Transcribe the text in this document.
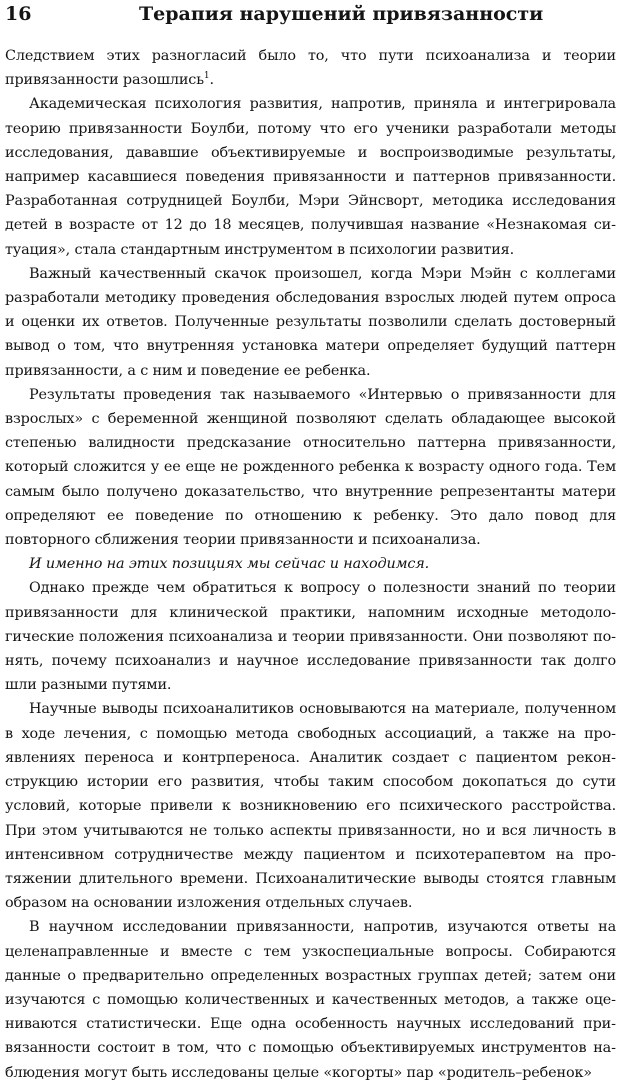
16	Терапия нарушений привязанности

Следствием этих разногласий было то, что пути психоанализа и теории привязанности разошлись$^1$.

Академическая психология развития, напротив, приняла и интегрировала теорию привязанности Боулби, потому что его ученики разработали методы исследования, дававшие объективируемые и воспроизводимые результаты, например касавшиеся поведения привязанности и паттернов привязанности. Разработанная сотрудницей Боулби, Мэри Эйнсворт, методика исследования детей в возрасте от 12 до 18 месяцев, получившая название «Незнакомая ситуация», стала стандартным инструментом в психологии развития.

Важный качественный скачок произошел, когда Мэри Мэйн с коллегами разработали методику проведения обследования взрослых людей путем опроса и оценки их ответов. Полученные результаты позволили сделать достоверный вывод о том, что внутренняя установка матери определяет будущий паттерн привязанности, а с ним и поведение ее ребенка.

Результаты проведения так называемого «Интервью о привязанности для взрослых» с беременной женщиной позволяют сделать обладающее высокой степенью валидности предсказание относительно паттерна привязанности, который сложится у ее еще не рожденного ребенка к возрасту одного года. Тем самым было получено доказательство, что внутренние репрезентанты матери определяют ее поведение по отношению к ребенку. Это дало повод для повторного сближения теории привязанности и психоанализа.

И именно на этих позициях мы сейчас и находимся.

Однако прежде чем обратиться к вопросу о полезности знаний по теории привязанности для клинической практики, напомним исходные методологические положения психоанализа и теории привязанности. Они позволяют понять, почему психоанализ и научное исследование привязанности так долго шли разными путями.

Научные выводы психоаналитиков основываются на материале, полученном в ходе лечения, с помощью метода свободных ассоциаций, а также на проявлениях переноса и контрпереноса. Аналитик создает с пациентом реконструкцию истории его развития, чтобы таким способом докопаться до сути условий, которые привели к возникновению его психического расстройства. При этом учитываются не только аспекты привязанности, но и вся личность в интенсивном сотрудничестве между пациентом и психотерапевтом на протяжении длительного времени. Психоаналитические выводы стоятся главным образом на основании изложения отдельных случаев.

В научном исследовании привязанности, напротив, изучаются ответы на целенаправленные и вместе с тем узкоспециальные вопросы. Собираются данные о предварительно определенных возрастных группах детей; затем они изучаются с помощью количественных и качественных методов, а также оцениваются статистически. Еще одна особенность научных исследований привязанности состоит в том, что с помощью объективируемых инструментов наблюдения могут быть исследованы целые «когорты» пар «родитель–ребенок»
